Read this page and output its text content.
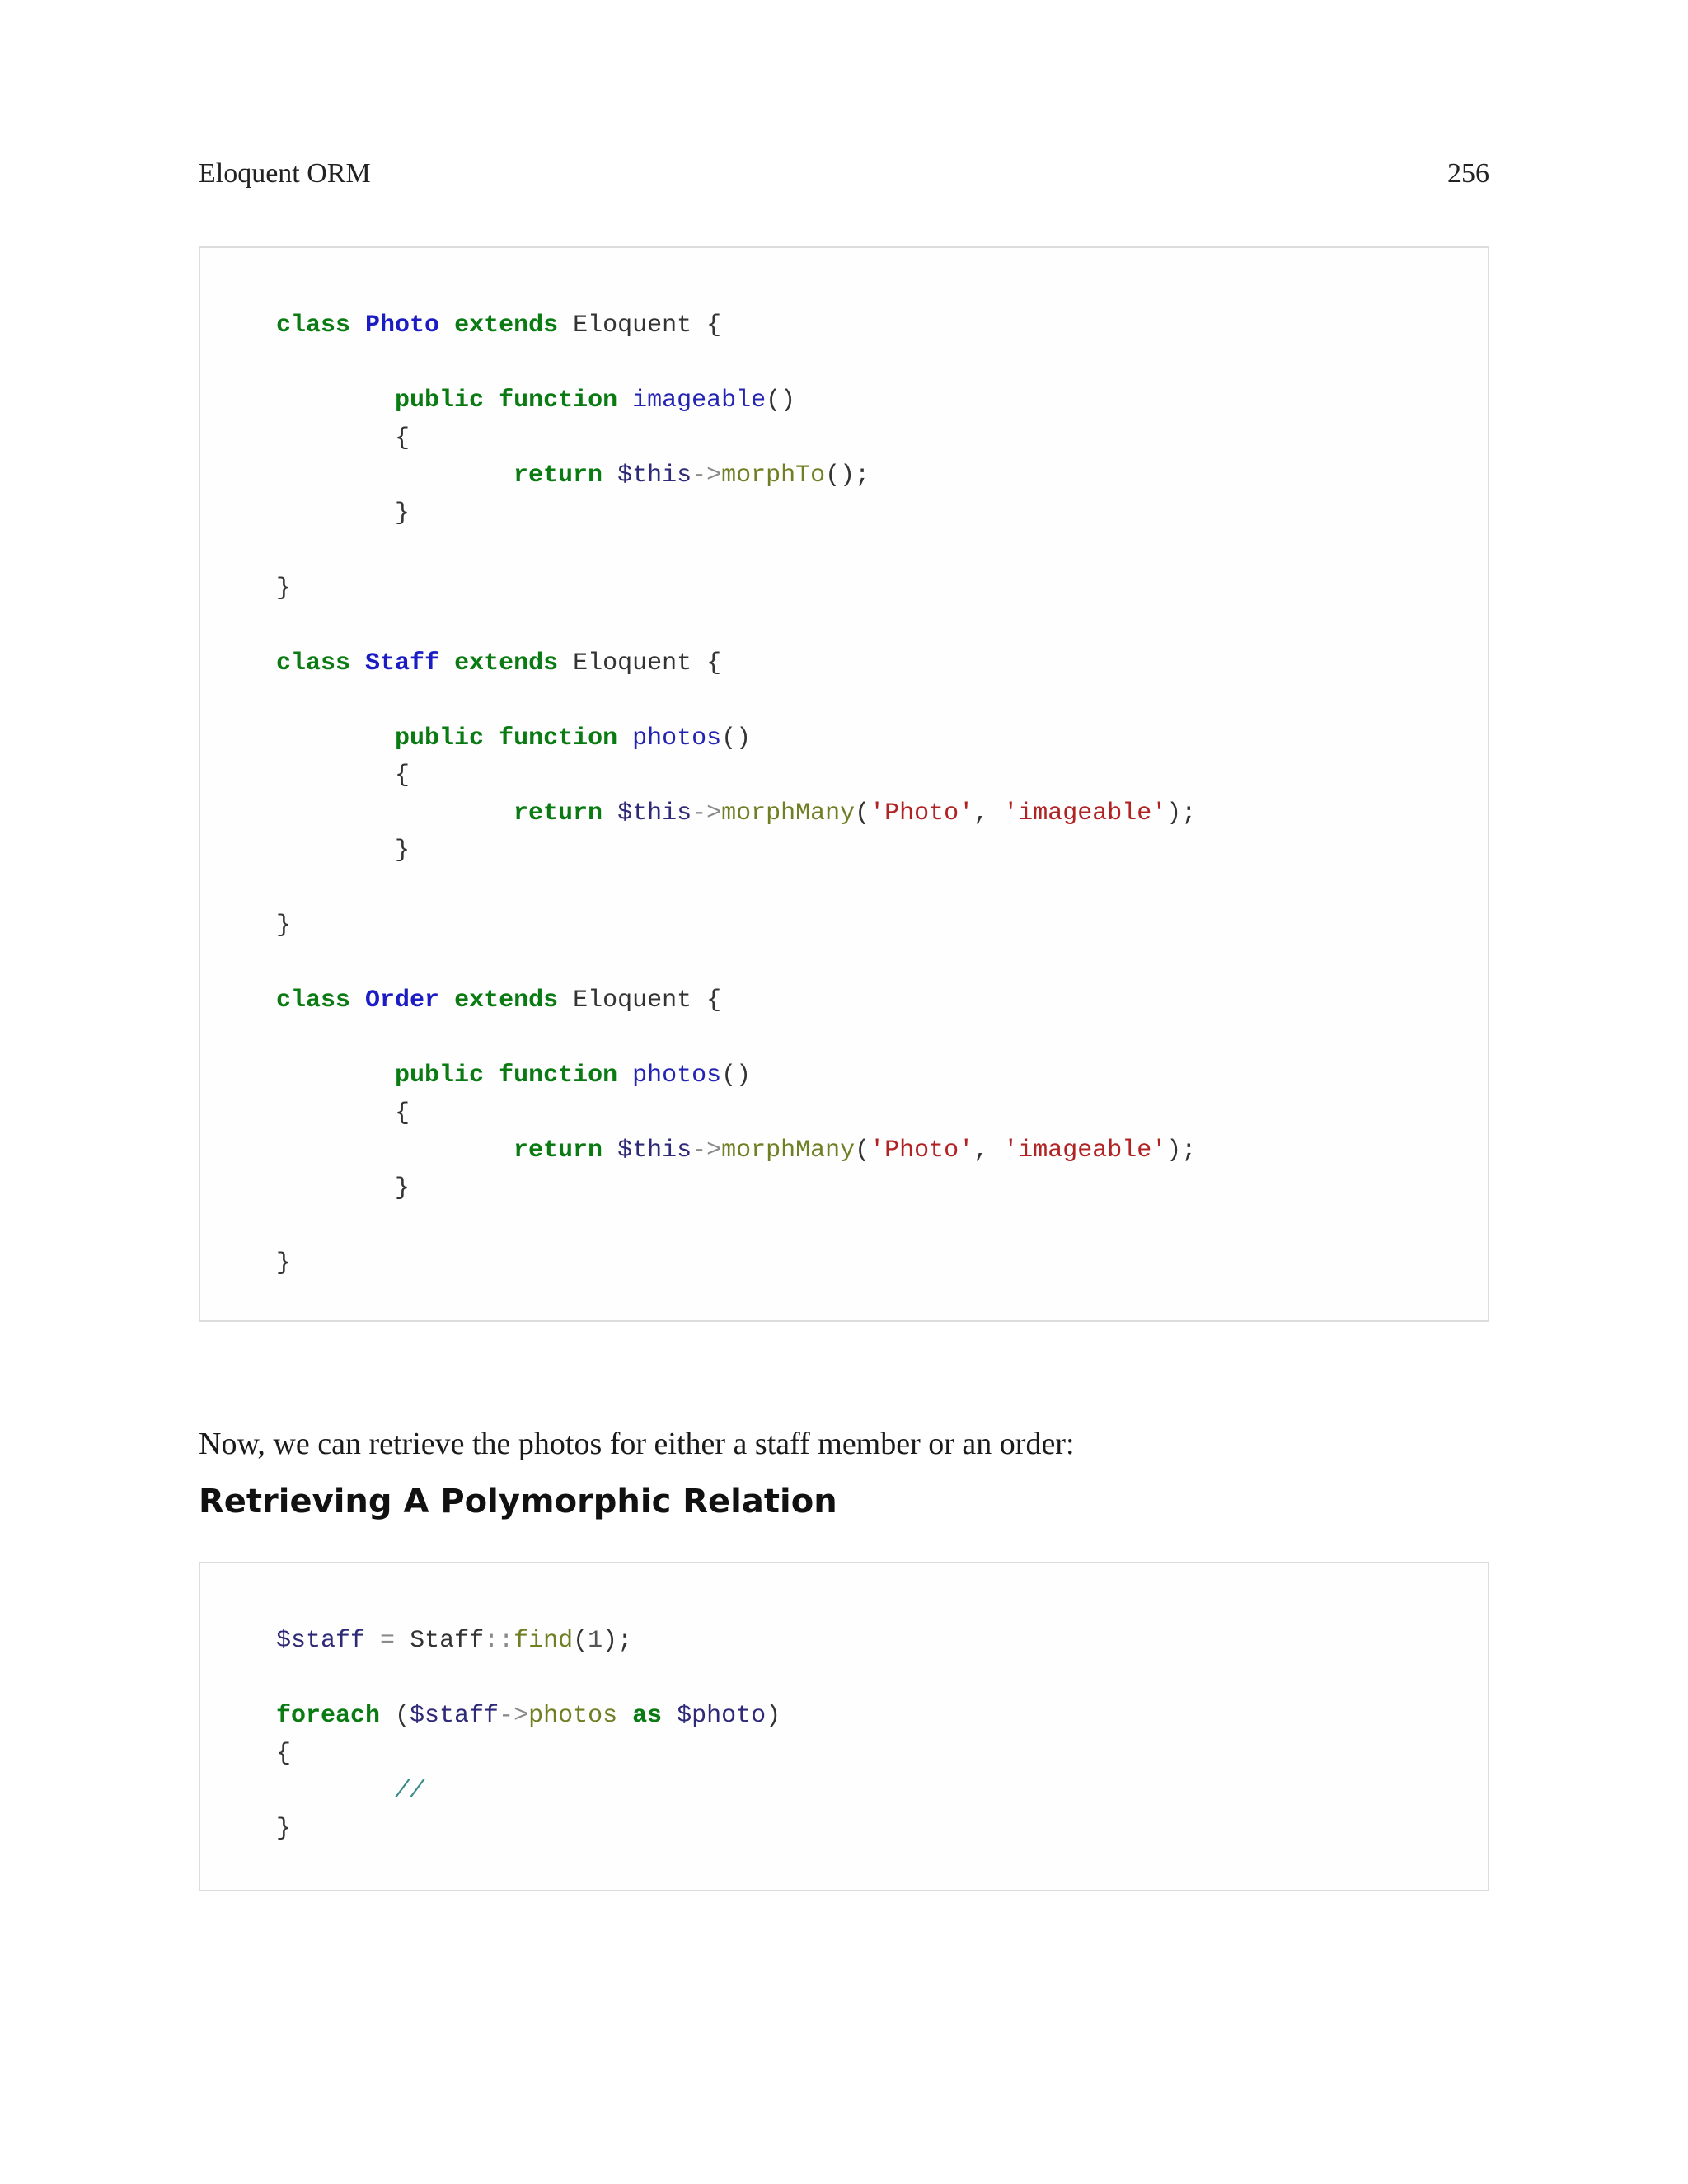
Eloquent ORM	256
class Photo extends Eloquent {
public function imageable()
{
return $this->morphTo();
}
}
class Staff extends Eloquent {
public function photos()
{
return $this->morphMany('Photo', 'imageable');
}
}
class Order extends Eloquent {
public function photos()
{
return $this->morphMany('Photo', 'imageable');
}
}

Now, we can retrieve the photos for either a staff member or an order:

Retrieving A Polymorphic Relation
$staff = Staff::find(1);
foreach ($staff->photos as $photo)
{
//
}
